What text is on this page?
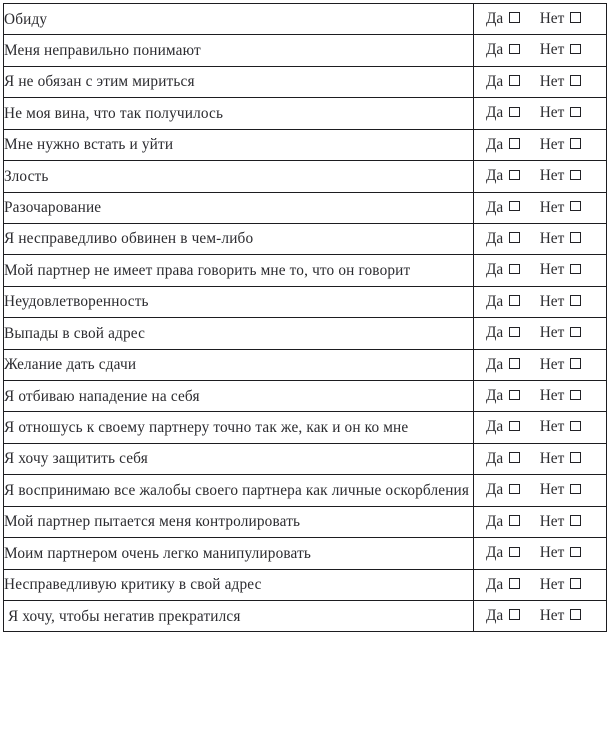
Обиду	Да Нет

Меня неправильно понимают	Да Нет

Я не обязан с этим мириться	Да Нет

Не моя вина, что так получилось	Да Нет

Мне нужно встать и уйти	Да Нет

Злость	Да Нет

Разочарование	Да Нет

Я несправедливо обвинен в чем-либо	Да Нет

Мой партнер не имеет права говорить мне то, что он говорит	Да Нет

Неудовлетворенность	Да Нет

Выпады в свой адрес	Да Нет

Желание дать сдачи	Да Нет

Я отбиваю нападение на себя	Да Нет

Я отношусь к своему партнеру точно так же, как и он ко мне	Да Нет

Я хочу защитить себя	Да Нет

Я воспринимаю все жалобы своего партнера как личные оскорбления	Да Нет

Мой партнер пытается меня контролировать	Да Нет

Моим партнером очень легко манипулировать	Да Нет

Несправедливую критику в свой адрес	Да Нет

Я хочу, чтобы негатив прекратился	Да Нет
